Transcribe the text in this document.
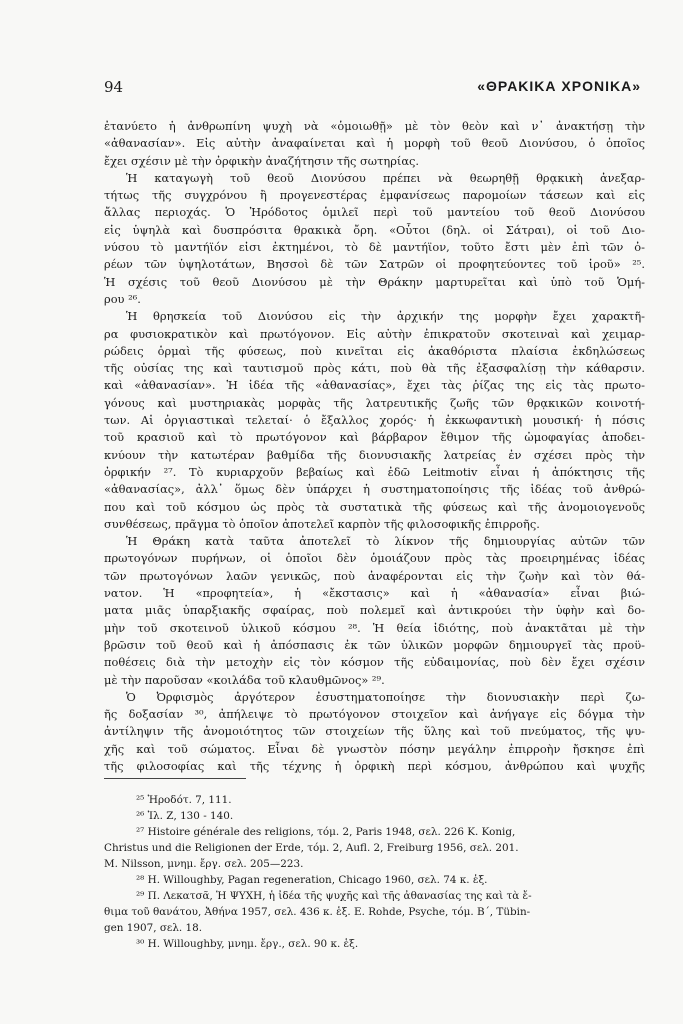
94	«ΘΡΑΚΙΚΑ ΧΡΟΝΙΚΑ»
ἐτανύετο ἡ ἀνθρωπίνη ψυχὴ νὰ «ὁμοιωθῇ» μὲ τὸν θεὸν καὶ ν᾿ ἀνακτήσῃ τὴν
«ἀθανασίαν». Εἰς αὐτὴν ἀναφαίνεται καὶ ἡ μορφὴ τοῦ θεοῦ Διονύσου, ὁ ὁποῖος
ἔχει σχέσιν μὲ τὴν ὀρφικὴν ἀναζήτησιν τῆς σωτηρίας.
Ἡ καταγωγὴ τοῦ θεοῦ Διονύσου πρέπει νὰ θεωρηθῇ θρᾳκικὴ ἀνεξαρ-
τήτως τῆς συγχρόνου ἢ προγενεστέρας ἐμφανίσεως παρομοίων τάσεων καὶ εἰς
ἄλλας περιοχάς. Ὁ Ἡρόδοτος ὁμιλεῖ περὶ τοῦ μαντείου τοῦ θεοῦ Διονύσου
εἰς ὑψηλὰ καὶ δυσπρόσιτα θρακικὰ ὄρη. «Οὗτοι (δηλ. οἱ Σάτραι), οἱ τοῦ Διο-
νύσου τὸ μαντήϊόν εἰσι ἐκτημένοι, τὸ δὲ μαντήϊον, τοῦτο ἔστι μὲν ἐπὶ τῶν ὀ-
ρέων τῶν ὑψηλοτάτων, Βησσοὶ δὲ τῶν Σατρῶν οἱ προφητεύοντες τοῦ ἱροῦ» ²⁵.
Ἡ σχέσις τοῦ θεοῦ Διονύσου μὲ τὴν Θράκην μαρτυρεῖται καὶ ὑπὸ τοῦ Ὁμή-
ρου ²⁶.
Ἡ θρησκεία τοῦ Διονύσου εἰς τὴν ἀρχικήν της μορφὴν ἔχει χαρακτῆ-
ρα φυσιοκρατικὸν καὶ πρωτόγονον. Εἰς αὐτὴν ἐπικρατοῦν σκοτειναὶ καὶ χειμαρ-
ρώδεις ὁρμαὶ τῆς φύσεως, ποὺ κινεῖται εἰς ἀκαθόριστα πλαίσια ἐκδηλώσεως
τῆς οὐσίας της καὶ ταυτισμοῦ πρὸς κάτι, ποὺ θὰ τῆς ἐξασφαλίσῃ τὴν κάθαρσιν.
καὶ «ἀθανασίαν». Ἡ ἰδέα τῆς «ἀθανασίας», ἔχει τὰς ῥίζας της εἰς τὰς πρωτο-
γόνους καὶ μυστηριακὰς μορφὰς τῆς λατρευτικῆς ζωῆς τῶν θρᾳκικῶν κοινοτή-
των. Αἱ ὀργιαστικαὶ τελεταί· ὁ ἔξαλλος χορός· ἡ ἐκκωφαντικὴ μουσική· ἡ πόσις
τοῦ κρασιοῦ καὶ τὸ πρωτόγονον καὶ βάρβαρον ἔθιμον τῆς ὠμοφαγίας ἀποδει-
κνύουν τὴν κατωτέραν βαθμίδα τῆς διονυσιακῆς λατρείας ἐν σχέσει πρὸς τὴν
ὀρφικήν ²⁷. Τὸ κυριαρχοῦν βεβαίως καὶ ἐδῶ Leitmotiv εἶναι ἡ ἀπόκτησις τῆς
«ἀθανασίας», ἀλλ᾿ ὅμως δὲν ὑπάρχει ἡ συστηματοποίησις τῆς ἰδέας τοῦ ἀνθρώ-
που καὶ τοῦ κόσμου ὡς πρὸς τὰ συστατικὰ τῆς φύσεως καὶ τῆς ἀνομοιογενοῦς
συνθέσεως, πρᾶγμα τὸ ὁποῖον ἀποτελεῖ καρπὸν τῆς φιλοσοφικῆς ἐπιρροῆς.
Ἡ Θράκη κατὰ ταῦτα ἀποτελεῖ τὸ λίκνον τῆς δημιουργίας αὐτῶν τῶν
πρωτογόνων πυρήνων, οἱ ὁποῖοι δὲν ὁμοιάζουν πρὸς τὰς προειρημένας ἰδέας
τῶν πρωτογόνων λαῶν γενικῶς, ποὺ ἀναφέρονται εἰς τὴν ζωὴν καὶ τὸν θά-
νατον. Ἡ «προφητεία», ἡ «ἔκστασις» καὶ ἡ «ἀθανασία» εἶναι βιώ-
ματα μιᾶς ὑπαρξιακῆς σφαίρας, ποὺ πολεμεῖ καὶ ἀντικρούει τὴν ὑφὴν καὶ δο-
μὴν τοῦ σκοτεινοῦ ὑλικοῦ κόσμου ²⁸. Ἡ θεία ἰδιότης, ποὺ ἀνακτᾶται μὲ τὴν
βρῶσιν τοῦ θεοῦ καὶ ἡ ἀπόσπασις ἐκ τῶν ὑλικῶν μορφῶν δημιουργεῖ τὰς προϋ-
ποθέσεις διὰ τὴν μετοχὴν εἰς τὸν κόσμον τῆς εὐδαιμονίας, ποὺ δὲν ἔχει σχέσιν
μὲ τὴν παροῦσαν «κοιλάδα τοῦ κλαυθμῶνος» ²⁹.
Ὁ Ὀρφισμὸς ἀργότερον ἐσυστηματοποίησε τὴν διονυσιακὴν περὶ ζω-
ῆς δοξασίαν ³⁰, ἀπήλειψε τὸ πρωτόγονον στοιχεῖον καὶ ἀνήγαγε εἰς δόγμα τὴν
ἀντίληψιν τῆς ἀνομοιότητος τῶν στοιχείων τῆς ὕλης καὶ τοῦ πνεύματος, τῆς ψυ-
χῆς καὶ τοῦ σώματος. Εἶναι δὲ γνωστὸν πόσην μεγάλην ἐπιρροὴν ἤσκησε ἐπὶ
τῆς φιλοσοφίας καὶ τῆς τέχνης ἡ ὀρφικὴ περὶ κόσμου, ἀνθρώπου καὶ ψυχῆς
²⁵ Ἡροδότ. 7, 111.
²⁶ Ἰλ. Ζ, 130 - 140.
²⁷ Histoire générale des religions, τόμ. 2, Paris 1948, σελ. 226 K. Konig,
Christus und die Religionen der Erde, τόμ. 2, Aufl. 2, Freiburg 1956, σελ. 201.
M. Nilsson, μνημ. ἔργ. σελ. 205—223.
²⁸ H. Willoughby, Pagan regeneration, Chicago 1960, σελ. 74 κ. ἑξ.
²⁹ Π. Λεκατσᾶ, Ἡ ΨΥΧΗ, ἡ ἰδέα τῆς ψυχῆς καὶ τῆς ἀθανασίας της καὶ τὰ ἔ-
θιμα τοῦ θανάτου, Ἀθήνα 1957, σελ. 436 κ. ἑξ. E. Rohde, Psyche, τόμ. Β΄, Tübin-
gen 1907, σελ. 18.
³⁰ H. Willoughby, μνημ. ἔργ., σελ. 90 κ. ἑξ.
